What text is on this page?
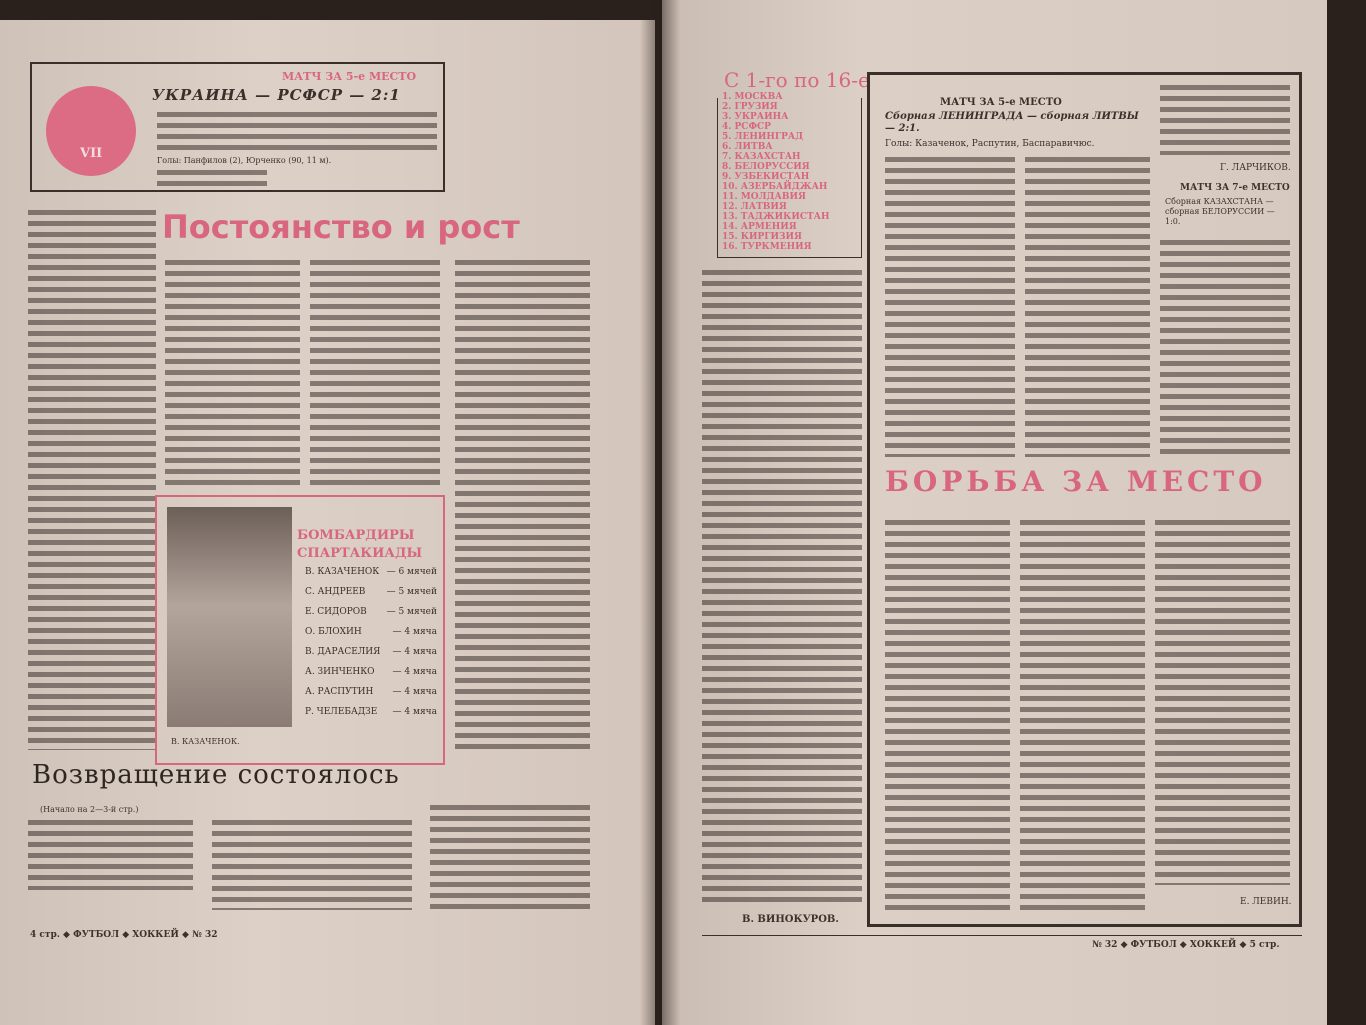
VII
МАТЧ ЗА 5-е МЕСТО
УКРАИНА — РСФСР — 2:1
Голы: Панфилов (2), Юрченко (90, 11 м).
Постоянство и рост
В. КАЗАЧЕНОК.
БОМБАРДИРЫ
СПАРТАКИАДЫ
В. КАЗАЧЕНОК — 6 мячей
С. АНДРЕЕВ — 5 мячей
Е. СИДОРОВ — 5 мячей
О. БЛОХИН	— 4 мяча
В. ДАРАСЕЛИЯ — 4 мяча
А. ЗИНЧЕНКО — 4 мяча
А. РАСПУТИН — 4 мяча
Р. ЧЕЛЕБАДЗЕ — 4 мяча
Возвращение состоялось
(Начало на 2—3-й стр.)
4 стр. ◆ ФУТБОЛ ◆ ХОККЕЙ ◆ № 32
С 1-го по 16-е
1. МОСКВА
2. ГРУЗИЯ
3. УКРАИНА
4. РСФСР
5. ЛЕНИНГРАД
6. ЛИТВА
7. КАЗАХСТАН
8. БЕЛОРУССИЯ
9. УЗБЕКИСТАН
10. АЗЕРБАЙДЖАН
11. МОЛДАВИЯ
12. ЛАТВИЯ
13. ТАДЖИКИСТАН
14. АРМЕНИЯ
15. КИРГИЗИЯ
16. ТУРКМЕНИЯ
МАТЧ ЗА 5-е МЕСТО
Сборная ЛЕНИНГРАДА — сборная ЛИТВЫ — 2:1.
Голы: Казаченок, Распутин, Баспаравичюс.
Г. ЛАРЧИКОВ.
МАТЧ ЗА 7-е МЕСТО
Сборная КАЗАХСТАНА — сборная БЕЛОРУССИИ — 1:0.
БОРЬБА ЗА МЕСТО
Е. ЛЕВИН.
В. ВИНОКУРОВ.
№ 32 ◆ ФУТБОЛ ◆ ХОККЕЙ ◆ 5 стр.
